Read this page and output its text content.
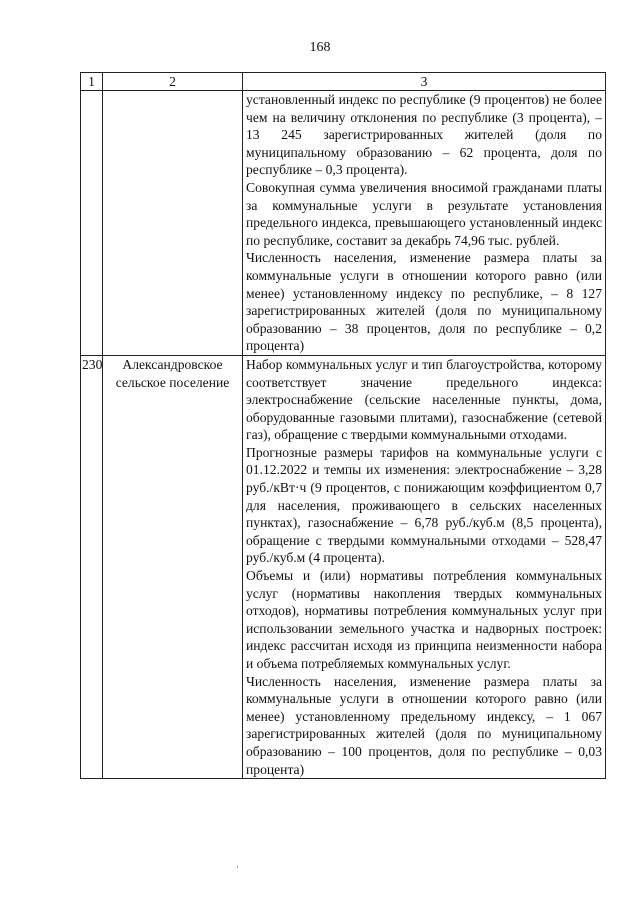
168
1	2	3

		установленный индекс по республике (9 процентов) не более чем на величину отклонения по республике (3 процента), – 13 245 зарегистрированных жителей (доля по муниципальному образованию – 62 процента, доля по республике – 0,3 процента).

Совокупная сумма увеличения вносимой гражданами платы за коммунальные услуги в результате установления предельного индекса, превышающего установленный индекс по республике, составит за декабрь 74,96 тыс. рублей.

Численность населения, изменение размера платы за коммунальные услуги в отношении которого равно (или менее) установленному индексу по республике, – 8 127 зарегистрированных жителей (доля по муниципальному образованию – 38 процентов, доля по республике – 0,2 процента)

230	Александровское сельское поселение	Набор коммунальных услуг и тип благоустройства, которому соответствует значение предельного индекса: электроснабжение (сельские населенные пункты, дома, оборудованные газовыми плитами), газоснабжение (сетевой газ), обращение с твердыми коммунальными отходами.

Прогнозные размеры тарифов на коммунальные услуги с 01.12.2022 и темпы их изменения: электроснабжение – 3,28 руб./кВт·ч (9 процентов, с понижающим коэффициентом 0,7 для населения, проживающего в сельских населенных пунктах), газоснабжение – 6,78 руб./куб.м (8,5 процента), обращение с твердыми коммунальными отходами – 528,47 руб./куб.м (4 процента).

Объемы и (или) нормативы потребления коммунальных услуг (нормативы накопления твердых коммунальных отходов), нормативы потребления коммунальных услуг при использовании земельного участка и надворных построек: индекс рассчитан исходя из принципа неизменности набора и объема потребляемых коммунальных услуг.

Численность населения, изменение размера платы за коммунальные услуги в отношении которого равно (или менее) установленному предельному индексу, – 1 067 зарегистрированных жителей (доля по муниципальному образованию – 100 процентов, доля по республике – 0,03 процента)

·
